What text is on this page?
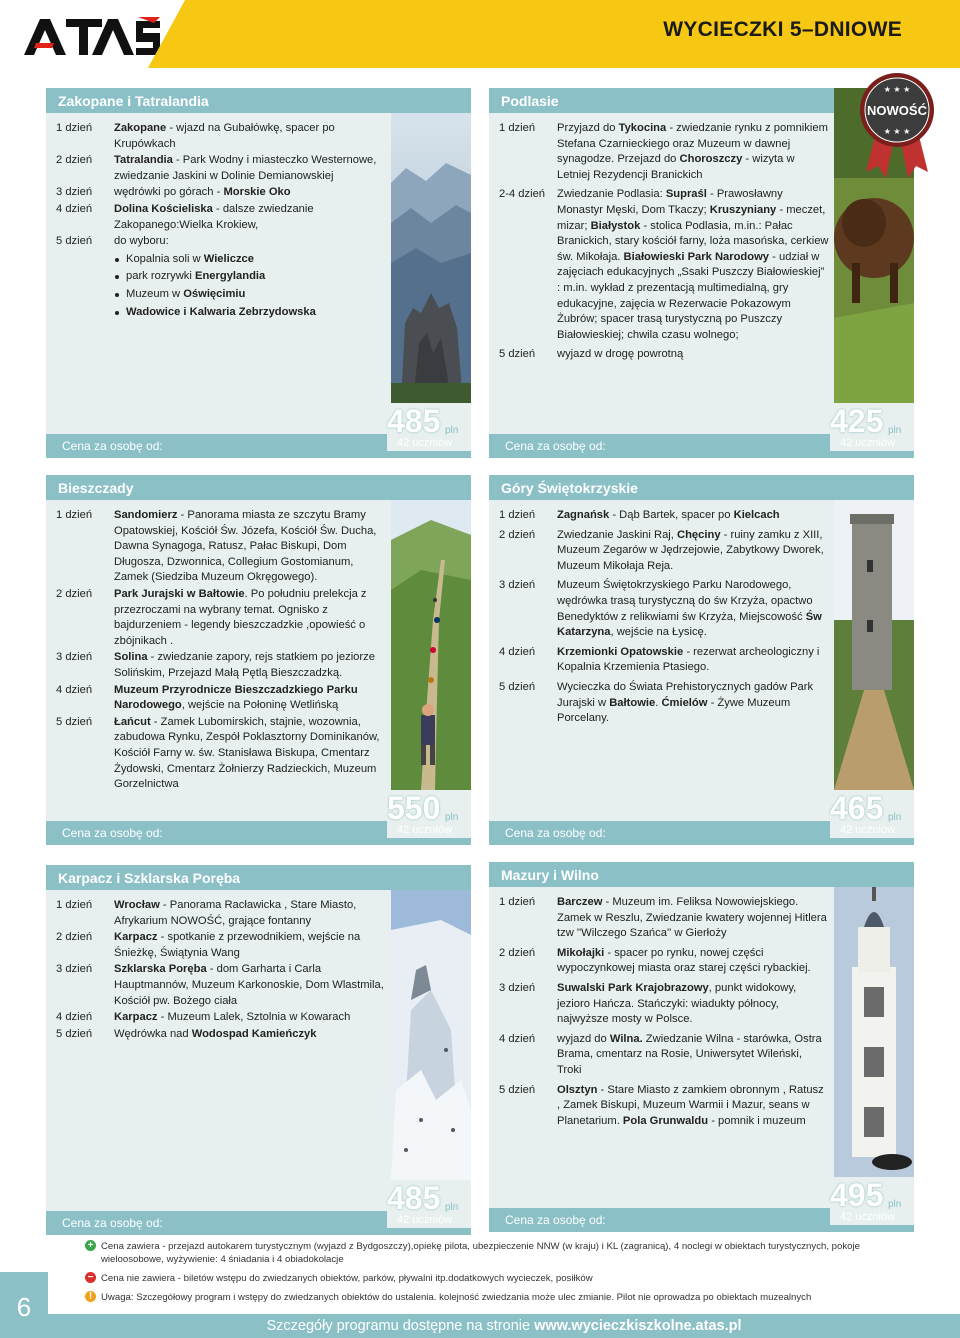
WYCIECZKI 5–DNIOWE
Zakopane i Tatralandia
1 dzień	Zakopane - wjazd na Gubałówkę, spacer po Krupówkach
2 dzień	Tatralandia - Park Wodny i miasteczko Westernowe, zwiedzanie Jaskini w Dolinie Demianowskiej
3 dzień	wędrówki po górach - Morskie Oko
4 dzień	Dolina Kościeliska - dalsze zwiedzanie Zakopanego:Wielka Krokiew,
5 dzień	do wyboru:
Kopalnia soli w Wieliczce
park rozrywki Energylandia
Muzeum w Oświęcimiu
Wadowice i Kalwaria Zebrzydowska
Cena za osobę od:
485 pln
42 uczniów
Podlasie
1 dzień	Przyjazd do Tykocina - zwiedzanie rynku z pomnikiem Stefana Czarnieckiego oraz Muzeum w dawnej synagodze. Przejazd do Choroszczy - wizyta w Letniej Rezydencji Branickich
2-4 dzień	Zwiedzanie Podlasia: Supraśl - Prawosławny Monastyr Męski, Dom Tkaczy; Kruszyniany - meczet, mizar; Białystok - stolica Podlasia, m.in.: Pałac Branickich, stary kościół farny, loża masońska, cerkiew św. Mikołaja. Białowieski Park Narodowy - udział w zajęciach edukacyjnych „Ssaki Puszczy Białowieskiej” : m.in. wykład z prezentacją multimedialną, gry edukacyjne, zajęcia w Rezerwacie Pokazowym Żubrów; spacer trasą turystyczną po Puszczy Białowieskiej; chwila czasu wolnego;
5 dzień	wyjazd w drogę powrotną
Cena za osobę od:
425 pln
42 uczniów
★ ★ ★
★ ★ ★
NOWOŚĆ
Bieszczady
1 dzień	Sandomierz - Panorama miasta ze szczytu Bramy Opatowskiej, Kościół Św. Józefa, Kościół Św. Ducha, Dawna Synagoga, Ratusz, Pałac Biskupi, Dom Długosza, Dzwonnica, Collegium Gostomianum, Zamek (Siedziba Muzeum Okręgowego).
2 dzień	Park Jurajski w Bałtowie. Po południu prelekcja z przezroczami na wybrany temat. Ognisko z bajdurzeniem - legendy bieszczadzkie ,opowieść o zbójnikach .
3 dzień	Solina - zwiedzanie zapory, rejs statkiem po jeziorze Solińskim, Przejazd Małą Pętlą Bieszczadzką.
4 dzień	Muzeum Przyrodnicze Bieszczadzkiego Parku Narodowego, wejście na Połoninę Wetlińską
5 dzień	Łańcut - Zamek Lubomirskich, stajnie, wozownia, zabudowa Rynku, Zespół Poklasztorny Dominikanów, Kościół Farny w. św. Stanisława Biskupa, Cmentarz Żydowski, Cmentarz Żołnierzy Radzieckich, Muzeum Gorzelnictwa
Cena za osobę od:
550 pln
42 uczniów
Góry Świętokrzyskie
1 dzień	Zagnańsk - Dąb Bartek, spacer po Kielcach
2 dzień	Zwiedzanie Jaskini Raj, Chęciny - ruiny zamku z XIII, Muzeum Zegarów w Jędrzejowie, Zabytkowy Dworek, Muzeum Mikołaja Reja.
3 dzień	Muzeum Świętokrzyskiego Parku Narodowego, wędrówka trasą turystyczną do św Krzyża, opactwo Benedyktów z relikwiami św Krzyża, Miejscowość Św Katarzyna, wejście na Łysicę.
4 dzień	Krzemionki Opatowskie - rezerwat archeologiczny i Kopalnia Krzemienia Ptasiego.
5 dzień	Wycieczka do Świata Prehistorycznych gadów Park Jurajski w Bałtowie. Ćmielów - Żywe Muzeum Porcelany.
Cena za osobę od:
465 pln
42 uczniów
Karpacz i Szklarska Poręba
1 dzień	Wrocław - Panorama Racławicka , Stare Miasto, Afrykarium NOWOŚĆ, grające fontanny
2 dzień	Karpacz - spotkanie z przewodnikiem, wejście na Śnieżkę, Świątynia Wang
3 dzień	Szklarska Poręba - dom Garharta i Carla Hauptmannów, Muzeum Karkonoskie, Dom Wlastmila, Kościół pw. Bożego ciała
4 dzień	Karpacz - Muzeum Lalek, Sztolnia w Kowarach
5 dzień	Wędrówka nad Wodospad Kamieńczyk
Cena za osobę od:
485 pln
42 uczniów
Mazury i Wilno
1 dzień	Barczew - Muzeum im. Feliksa Nowowiejskiego. Zamek w Reszlu, Zwiedzanie kwatery wojennej Hitlera tzw ''Wilczego Szańca'' w Gierłoży
2 dzień	Mikołajki - spacer po rynku, nowej części wypoczynkowej miasta oraz starej części rybackiej.
3 dzień	Suwalski Park Krajobrazowy, punkt widokowy, jezioro Hańcza. Stańczyki: wiadukty północy, najwyższe mosty w Polsce.
4 dzień	wyjazd do Wilna. Zwiedzanie Wilna - starówka, Ostra Brama, cmentarz na Rosie, Uniwersytet Wileński, Troki
5 dzień	Olsztyn - Stare Miasto z zamkiem obronnym , Ratusz , Zamek Biskupi, Muzeum Warmii i Mazur, seans w Planetarium. Pola Grunwaldu - pomnik i muzeum
Cena za osobę od:
495 pln
42 uczniów
+ Cena zawiera - przejazd autokarem turystycznym (wyjazd z Bydgoszczy),opiekę pilota, ubezpieczenie NNW (w kraju) i KL (zagranicą), 4 noclegi w obiektach turystycznych, pokoje wieloosobowe, wyżywienie: 4 śniadania i 4 obiadokolacje
− Cena nie zawiera - biletów wstępu do zwiedzanych obiektów, parków, pływalni itp.dodatkowych wycieczek, posiłków
! Uwaga: Szczegółowy program i wstępy do zwiedzanych obiektów do ustalenia. kolejność zwiedzania może ulec zmianie. Pilot nie oprowadza po obiektach muzealnych
6
Szczegóły programu dostępne na stronie www.wycieczkiszkolne.atas.pl
